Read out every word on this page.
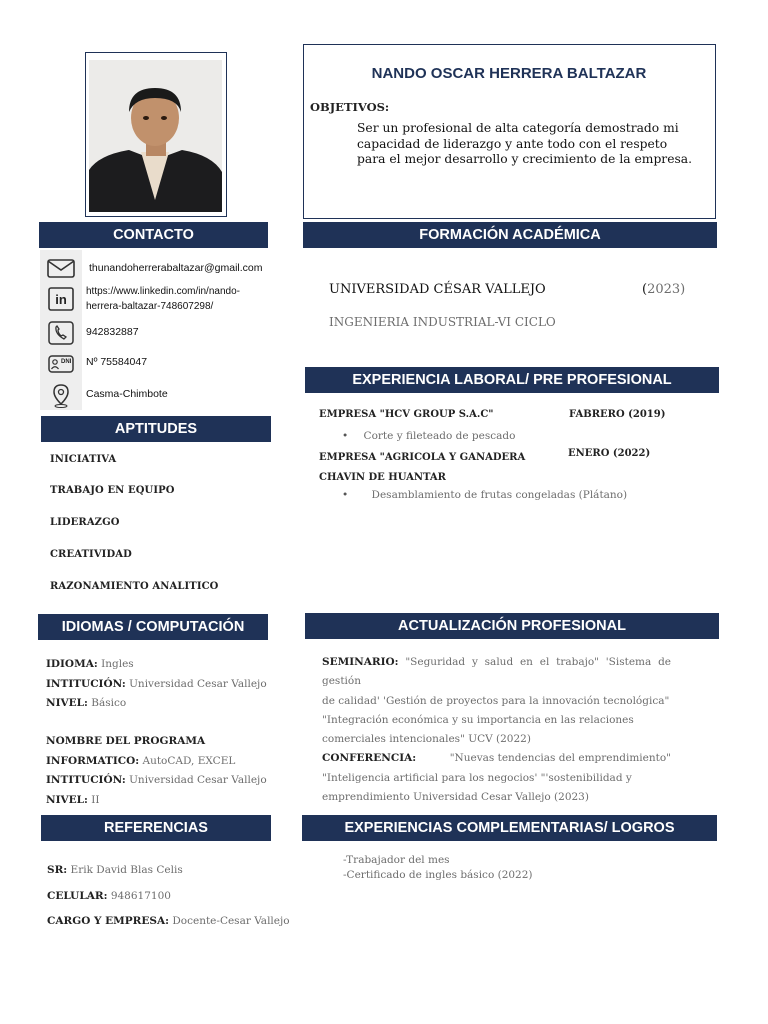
NANDO OSCAR HERRERA BALTAZAR
OBJETIVOS:
Ser un profesional de alta categoría demostrado mi
capacidad de liderazgo y ante todo con el respeto
para el mejor desarrollo y crecimiento de la empresa.
CONTACTO
in
DNI
thunandoherrerabaltazar@gmail.com
https://www.linkedin.com/in/nando-
herrera-baltazar-748607298/
942832887
Nº 75584047
Casma-Chimbote
APTITUDES
INICIATIVA
TRABAJO EN EQUIPO
LIDERAZGO
CREATIVIDAD
RAZONAMIENTO ANALITICO
IDIOMAS / COMPUTACIÓN
IDIOMA: Ingles
INTITUCIÓN: Universidad Cesar Vallejo
NIVEL: Básico
NOMBRE DEL PROGRAMA
INFORMATICO: AutoCAD, EXCEL
INTITUCIÓN: Universidad Cesar Vallejo
NIVEL: II
REFERENCIAS
SR: Erik David Blas Celis
CELULAR: 948617100
CARGO Y EMPRESA: Docente-Cesar Vallejo
FORMACIÓN ACADÉMICA
UNIVERSIDAD CÉSAR VALLEJO	(2023)
INGENIERIA INDUSTRIAL-VI CICLO
EXPERIENCIA LABORAL/ PRE PROFESIONAL
EMPRESA "HCV GROUP S.A.C"	FABRERO (2019)
• Corte y fileteado de pescado
EMPRESA "AGRICOLA Y GANADERA
CHAVIN DE HUANTAR
ENERO (2022)
• Desamblamiento de frutas congeladas (Plátano)
ACTUALIZACIÓN PROFESIONAL
SEMINARIO: "Seguridad y salud en el trabajo" 'Sistema de gestión
de calidad' 'Gestión de proyectos para la innovación tecnológica"
"Integración económica y su importancia en las relaciones
comerciales intencionales" UCV (2022)
CONFERENCIA:	"Nuevas tendencias del emprendimiento"
"Inteligencia artificial para los negocios' "'sostenibilidad y
emprendimiento Universidad Cesar Vallejo (2023)
EXPERIENCIAS COMPLEMENTARIAS/ LOGROS
-Trabajador del mes
-Certificado de ingles básico (2022)
